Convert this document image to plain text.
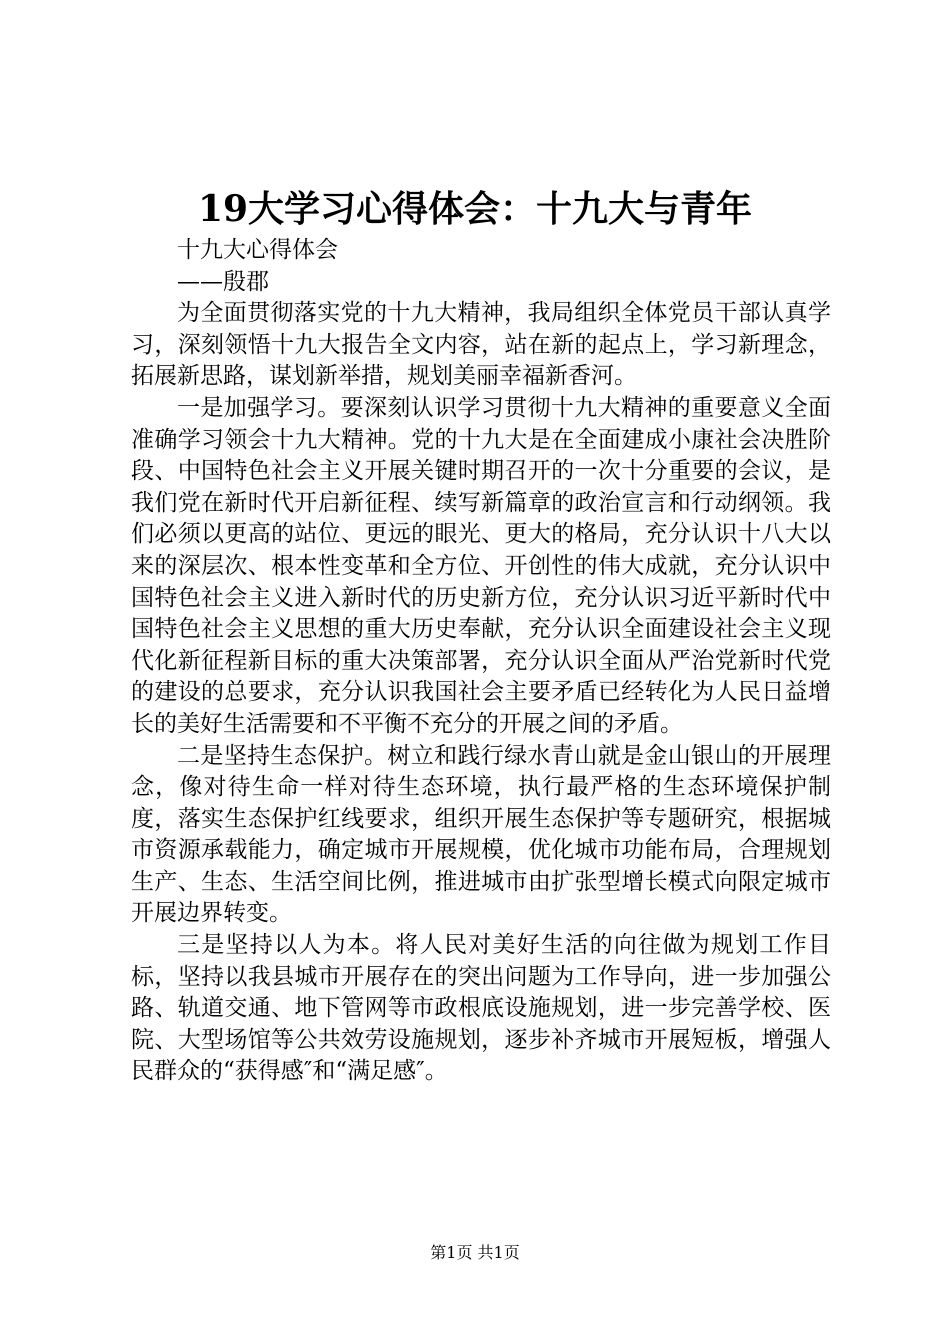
19大学习心得体会：十九大与青年

十九大心得体会

——殷郡

为全面贯彻落实党的十九大精神，我局组织全体党员干部认真学习，深刻领悟十九大报告全文内容，站在新的起点上，学习新理念，拓展新思路，谋划新举措，规划美丽幸福新香河。

一是加强学习。要深刻认识学习贯彻十九大精神的重要意义全面准确学习领会十九大精神。党的十九大是在全面建成小康社会决胜阶段、中国特色社会主义开展关键时期召开的一次十分重要的会议，是我们党在新时代开启新征程、续写新篇章的政治宣言和行动纲领。我们必须以更高的站位、更远的眼光、更大的格局，充分认识十八大以来的深层次、根本性变革和全方位、开创性的伟大成就，充分认识中国特色社会主义进入新时代的历史新方位，充分认识习近平新时代中国特色社会主义思想的重大历史奉献，充分认识全面建设社会主义现代化新征程新目标的重大决策部署，充分认识全面从严治党新时代党的建设的总要求，充分认识我国社会主要矛盾已经转化为人民日益增长的美好生活需要和不平衡不充分的开展之间的矛盾。

二是坚持生态保护。树立和践行绿水青山就是金山银山的开展理念，像对待生命一样对待生态环境，执行最严格的生态环境保护制度，落实生态保护红线要求，组织开展生态保护等专题研究，根据城市资源承载能力，确定城市开展规模，优化城市功能布局，合理规划生产、生态、生活空间比例，推进城市由扩张型增长模式向限定城市开展边界转变。

三是坚持以人为本。将人民对美好生活的向往做为规划工作目标，坚持以我县城市开展存在的突出问题为工作导向，进一步加强公路、轨道交通、地下管网等市政根底设施规划，进一步完善学校、医院、大型场馆等公共效劳设施规划，逐步补齐城市开展短板，增强人民群众的“获得感″和“满足感″。

第1页 共1页
